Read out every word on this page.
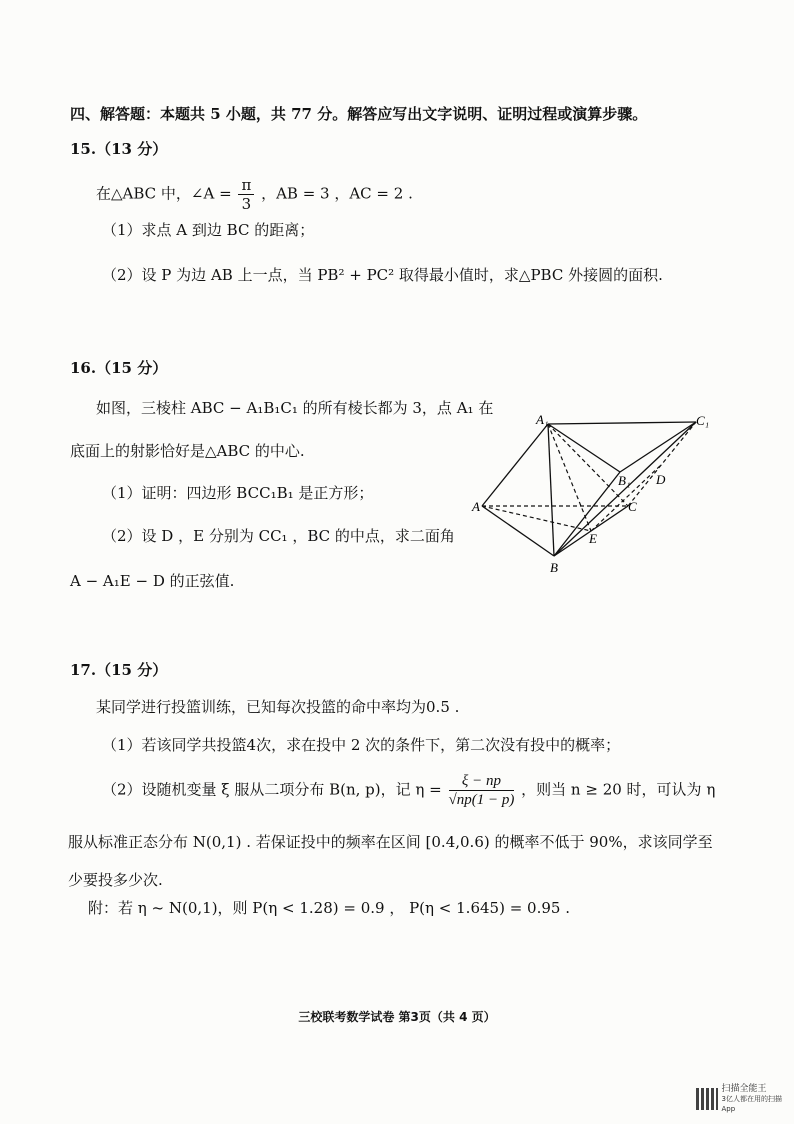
四、解答题：本题共 5 小题，共 77 分。解答应写出文字说明、证明过程或演算步骤。
15.（13 分）
在△ABC 中，∠A = $\frac{\pi}{3}$ ，AB = 3 ，AC = 2 .
（1）求点 A 到边 BC 的距离；
（2）设 P 为边 AB 上一点，当 PB² + PC² 取得最小值时，求△PBC 外接圆的面积.
16.（15 分）
如图，三棱柱 ABC − A₁B₁C₁ 的所有棱长都为 3，点 A₁ 在
底面上的射影恰好是△ABC 的中心.
（1）证明：四边形 BCC₁B₁ 是正方形；
（2）设 D ，E 分别为 CC₁ ，BC 的中点，求二面角
A − A₁E − D 的正弦值.
A₁	C₁
B₁ D
A	C
E
B
17.（15 分）
某同学进行投篮训练，已知每次投篮的命中率均为0.5 .
（1）若该同学共投篮4次，求在投中 2 次的条件下，第二次没有投中的概率；
（2）设随机变量 ξ 服从二项分布 B(n, p)，记 $\eta = \frac{\xi - np}{√np(1 - p)}$ ，则当 n ≥ 20 时，可认为 η
服从标准正态分布 N(0,1) . 若保证投中的频率在区间 [0.4,0.6) 的概率不低于 90%，求该同学至
少要投多少次.
附：若 η ~ N(0,1)，则 P(η < 1.28) = 0.9 ， P(η < 1.645) = 0.95 .
三校联考数学试卷 第3页（共 4 页）
扫描全能王
3亿人都在用的扫描App
